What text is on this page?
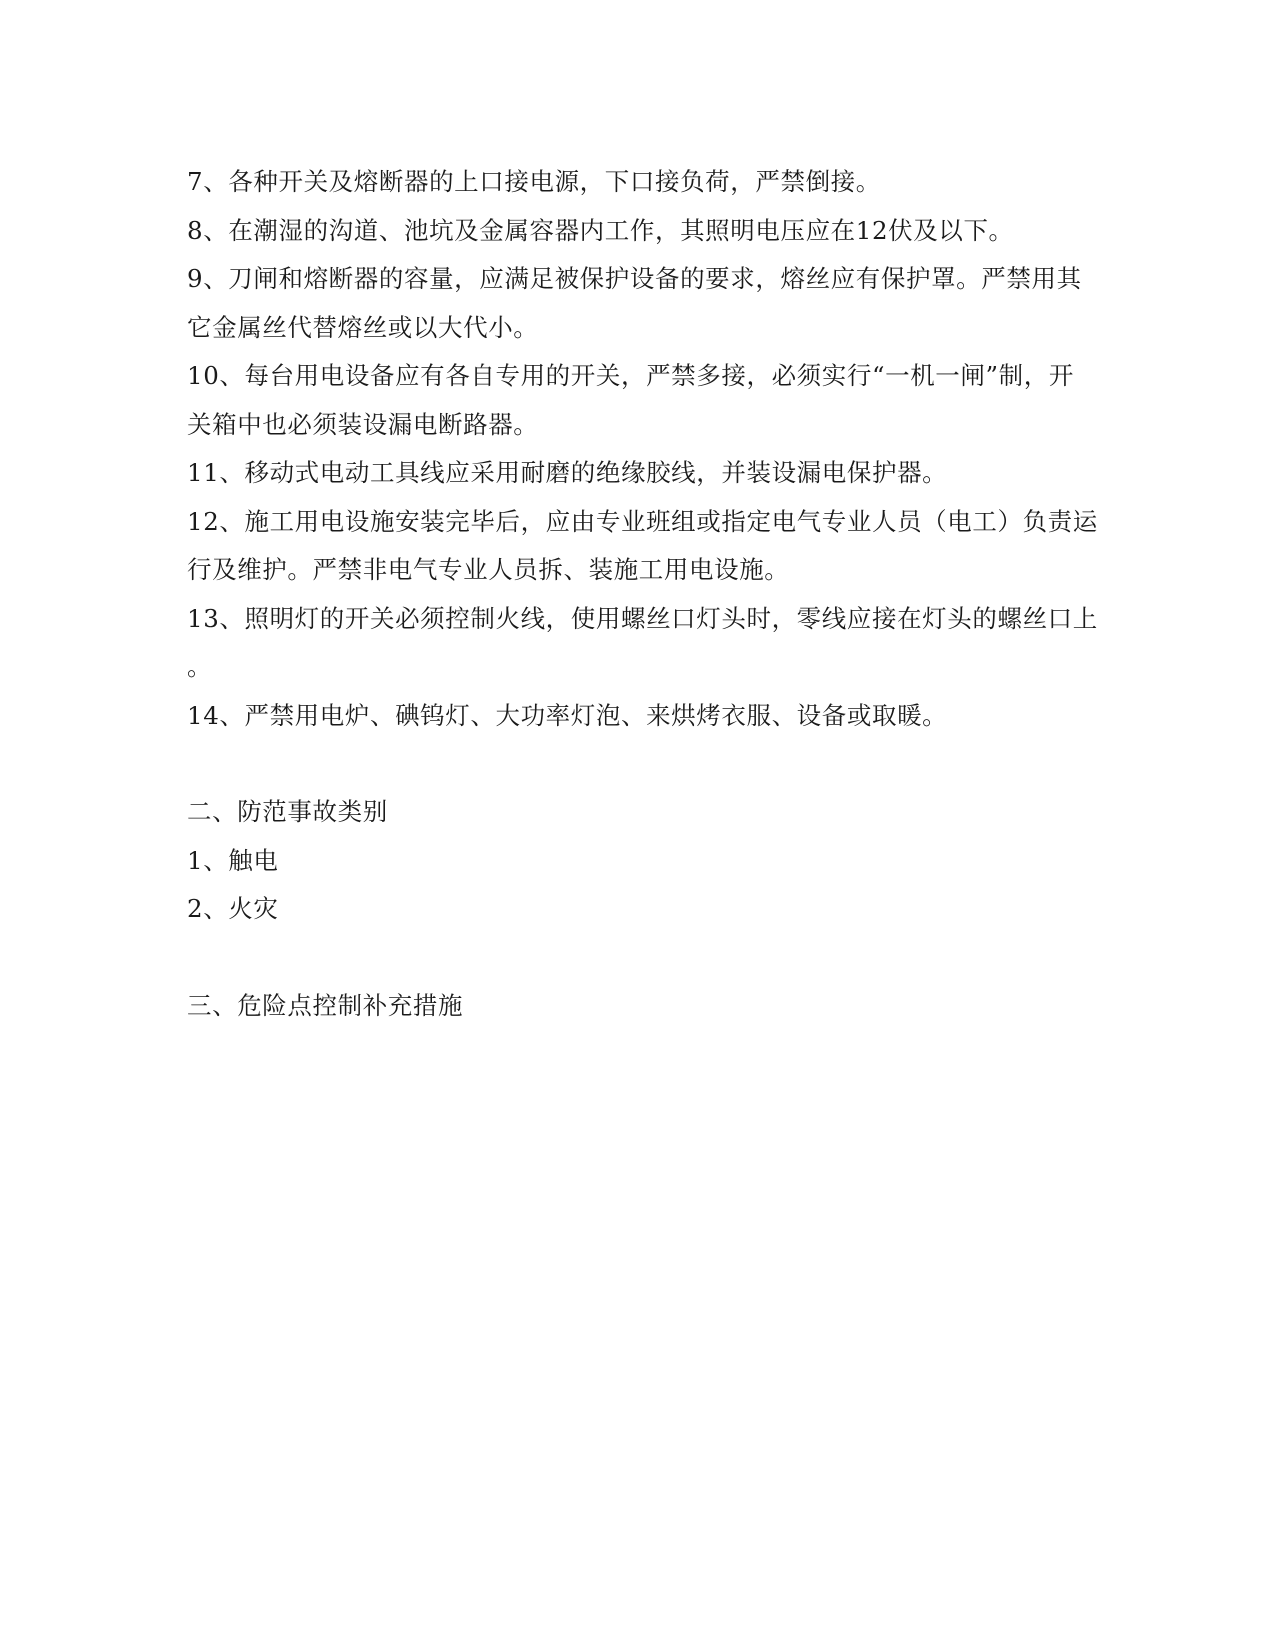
7、各种开关及熔断器的上口接电源，下口接负荷，严禁倒接。
8、在潮湿的沟道、池坑及金属容器内工作，其照明电压应在12伏及以下。
9、刀闸和熔断器的容量，应满足被保护设备的要求，熔丝应有保护罩。严禁用其
它金属丝代替熔丝或以大代小。
10、每台用电设备应有各自专用的开关，严禁多接，必须实行“一机一闸”制，开
关箱中也必须装设漏电断路器。
11、移动式电动工具线应采用耐磨的绝缘胶线，并装设漏电保护器。
12、施工用电设施安装完毕后，应由专业班组或指定电气专业人员（电工）负责运
行及维护。严禁非电气专业人员拆、装施工用电设施。
13、照明灯的开关必须控制火线，使用螺丝口灯头时，零线应接在灯头的螺丝口上
。
14、严禁用电炉、碘钨灯、大功率灯泡、来烘烤衣服、设备或取暖。
二、防范事故类别
1、触电
2、火灾
三、危险点控制补充措施
